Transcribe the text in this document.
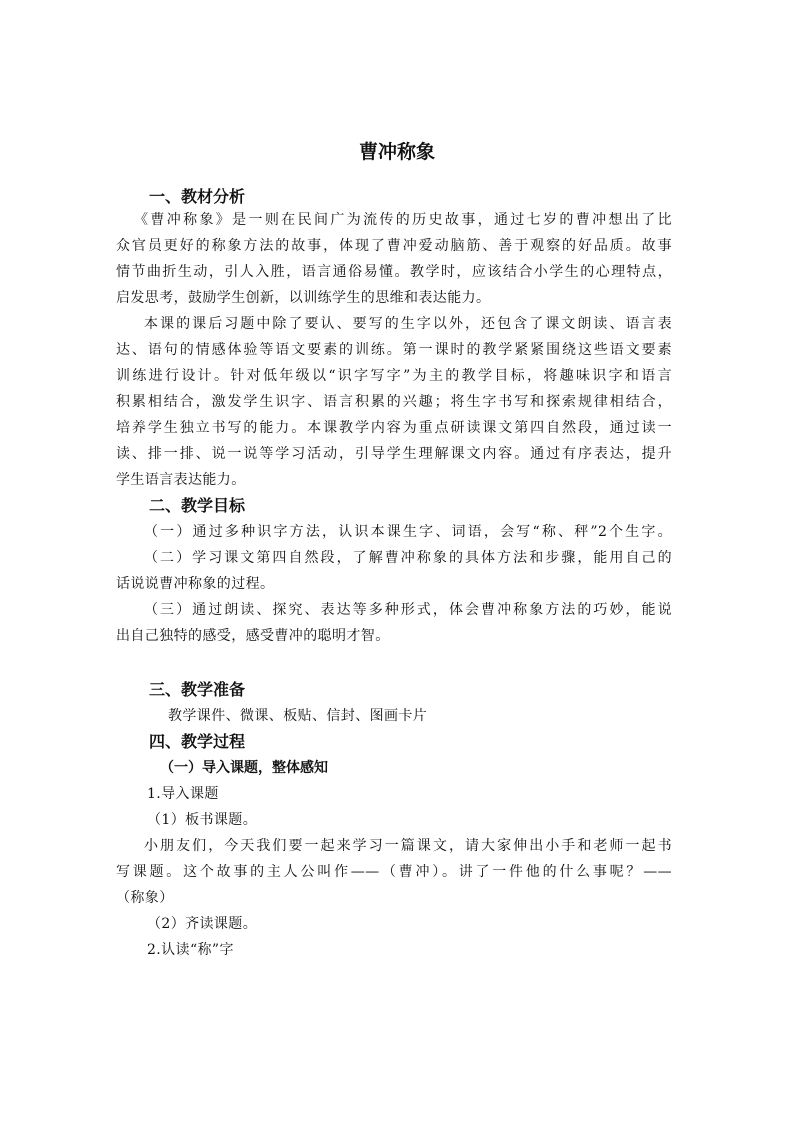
曹冲称象
一、教材分析
《曹冲称象》是一则在民间广为流传的历史故事，通过七岁的曹冲想出了比
众官员更好的称象方法的故事，体现了曹冲爱动脑筋、善于观察的好品质。故事
情节曲折生动，引人入胜，语言通俗易懂。教学时，应该结合小学生的心理特点，
启发思考，鼓励学生创新，以训练学生的思维和表达能力。
本课的课后习题中除了要认、要写的生字以外，还包含了课文朗读、语言表
达、语句的情感体验等语文要素的训练。第一课时的教学紧紧围绕这些语文要素
训练进行设计。针对低年级以“识字写字”为主的教学目标，将趣味识字和语言
积累相结合，激发学生识字、语言积累的兴趣；将生字书写和探索规律相结合，
培养学生独立书写的能力。本课教学内容为重点研读课文第四自然段，通过读一
读、排一排、说一说等学习活动，引导学生理解课文内容。通过有序表达，提升
学生语言表达能力。
二、教学目标
（一）通过多种识字方法，认识本课生字、词语，会写“称、秤”2个生字。
（二）学习课文第四自然段，了解曹冲称象的具体方法和步骤，能用自己的
话说说曹冲称象的过程。
（三）通过朗读、探究、表达等多种形式，体会曹冲称象方法的巧妙，能说
出自己独特的感受，感受曹冲的聪明才智。
三、教学准备
教学课件、微课、板贴、信封、图画卡片
四、教学过程
（一）导入课题，整体感知
1.导入课题
（1）板书课题。
小朋友们，今天我们要一起来学习一篇课文，请大家伸出小手和老师一起书
写课题。这个故事的主人公叫作——（曹冲）。讲了一件他的什么事呢？——
（称象）
（2）齐读课题。
2.认读“称”字
